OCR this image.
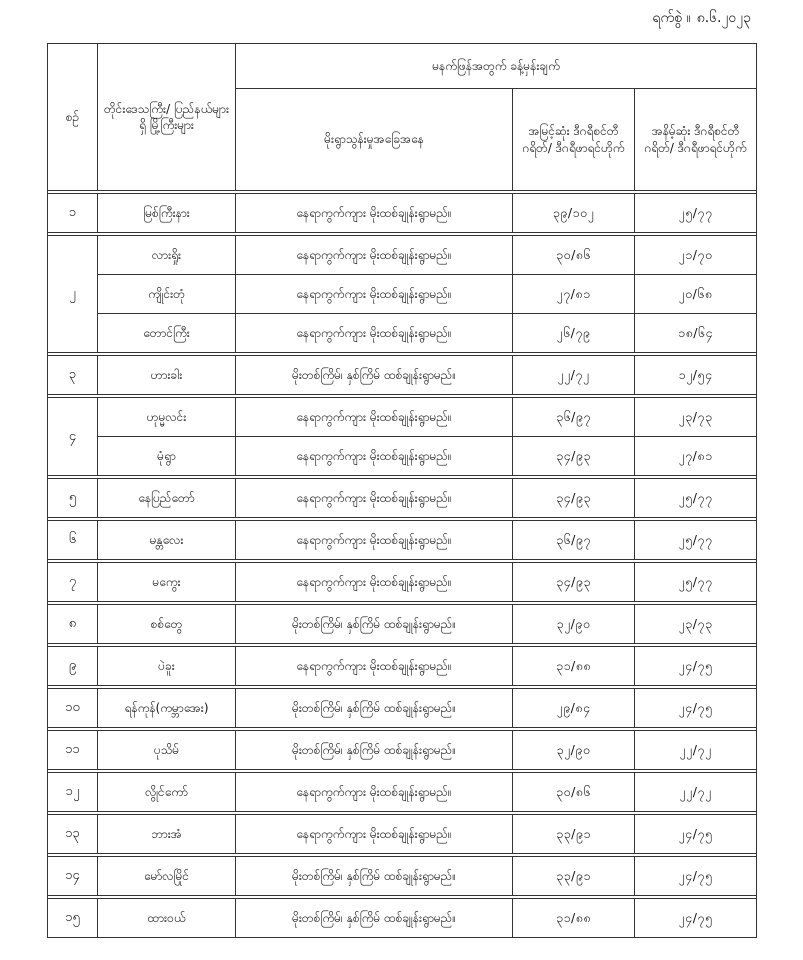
ရက်စွဲ ။ ၈.၆.၂၀၂၃
စဉ်	တိုင်းဒေသကြီး/ ပြည်နယ်များရှိ မြို့ကြီးများ	မနက်ဖြန်အတွက် ခန့်မှန်းချက်		
		မိုးရွာသွန်းမှုအခြေအနေ	အမြင့်ဆုံး ဒီဂရီစင်တီဂရိတ်/ ဒီဂရီဖာရင်ဟိုက်	အနိမ့်ဆုံး ဒီဂရီစင်တီဂရိတ်/ ဒီဂရီဖာရင်ဟိုက်

၁	မြစ်ကြီးနား	နေရာကွက်ကျား မိုးထစ်ချုန်းရွာမည်။	၃၉/၁၀၂	၂၅/၇၇

၂	လားရှိုး	နေရာကွက်ကျား မိုးထစ်ချုန်းရွာမည်။	၃၀/၈၆	၂၁/၇၀
	ကျိုင်းတုံ	နေရာကွက်ကျား မိုးထစ်ချုန်းရွာမည်။	၂၇/၈၁	၂၀/၆၈
	တောင်ကြီး	နေရာကွက်ကျား မိုးထစ်ချုန်းရွာမည်။	၂၆/၇၉	၁၈/၆၄

၃	ဟားခါး	မိုးတစ်ကြိမ်၊ နှစ်ကြိမ် ထစ်ချုန်းရွာမည်။	၂၂/၇၂	၁၂/၅၄

၄	ဟုမ္မလင်း	နေရာကွက်ကျား မိုးထစ်ချုန်းရွာမည်။	၃၆/၉၇	၂၃/၇၃
	မုံရွာ	နေရာကွက်ကျား မိုးထစ်ချုန်းရွာမည်။	၃၄/၉၃	၂၇/၈၁

၅	နေပြည်တော်	နေရာကွက်ကျား မိုးထစ်ချုန်းရွာမည်။	၃၄/၉၃	၂၅/၇၇

၆	မန္တလေး	နေရာကွက်ကျား မိုးထစ်ချုန်းရွာမည်။	၃၆/၉၇	၂၅/၇၇

၇	မကွေး	နေရာကွက်ကျား မိုးထစ်ချုန်းရွာမည်။	၃၄/၉၃	၂၅/၇၇

၈	စစ်တွေ	မိုးတစ်ကြိမ်၊ နှစ်ကြိမ် ထစ်ချုန်းရွာမည်။	၃၂/၉၀	၂၃/၇၃

၉	ပဲခူး	နေရာကွက်ကျား မိုးထစ်ချုန်းရွာမည်။	၃၁/၈၈	၂၄/၇၅

၁၀	ရန်ကုန်(ကမ္ဘာအေး)	မိုးတစ်ကြိမ်၊ နှစ်ကြိမ် ထစ်ချုန်းရွာမည်။	၂၉/၈၄	၂၄/၇၅

၁၁	ပုသိမ်	မိုးတစ်ကြိမ်၊ နှစ်ကြိမ် ထစ်ချုန်းရွာမည်။	၃၂/၉၀	၂၂/၇၂

၁၂	လွိုင်ကော်	နေရာကွက်ကျား မိုးထစ်ချုန်းရွာမည်။	၃၀/၈၆	၂၂/၇၂

၁၃	ဘားအံ	နေရာကွက်ကျား မိုးထစ်ချုန်းရွာမည်။	၃၃/၉၁	၂၄/၇၅

၁၄	မော်လမြိုင်	မိုးတစ်ကြိမ်၊ နှစ်ကြိမ် ထစ်ချုန်းရွာမည်။	၃၃/၉၁	၂၄/၇၅

၁၅	ထားဝယ်	မိုးတစ်ကြိမ်၊ နှစ်ကြိမ် ထစ်ချုန်းရွာမည်။	၃၁/၈၈	၂၄/၇၅
